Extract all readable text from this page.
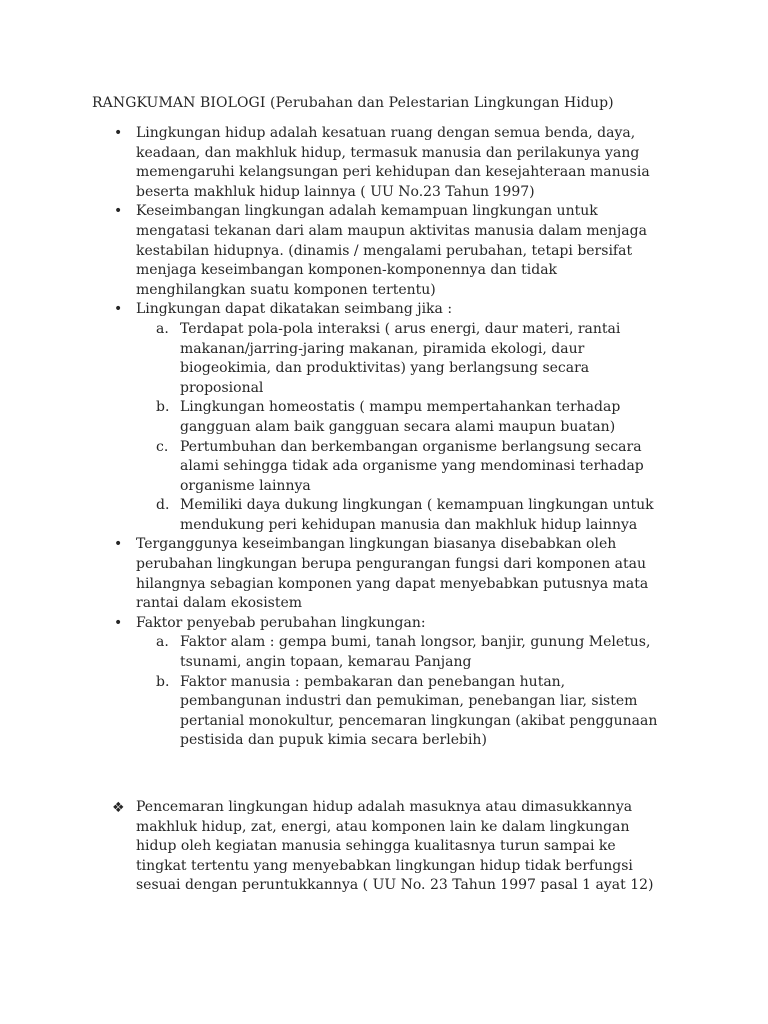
RANGKUMAN BIOLOGI (Perubahan dan Pelestarian Lingkungan Hidup)
• Lingkungan hidup adalah kesatuan ruang dengan semua benda, daya, keadaan, dan makhluk hidup, termasuk manusia dan perilakunya yang memengaruhi kelangsungan peri kehidupan dan kesejahteraan manusia beserta makhluk hidup lainnya ( UU No.23 Tahun 1997)
• Keseimbangan lingkungan adalah kemampuan lingkungan untuk mengatasi tekanan dari alam maupun aktivitas manusia dalam menjaga kestabilan hidupnya. (dinamis / mengalami perubahan, tetapi bersifat menjaga keseimbangan komponen-komponennya dan tidak menghilangkan suatu komponen tertentu)
• Lingkungan dapat dikatakan seimbang jika :
a. Terdapat pola-pola interaksi ( arus energi, daur materi, rantai makanan/jarring-jaring makanan, piramida ekologi, daur biogeokimia, dan produktivitas) yang berlangsung secara proposional
b. Lingkungan homeostatis ( mampu mempertahankan terhadap gangguan alam baik gangguan secara alami maupun buatan)
c. Pertumbuhan dan berkembangan organisme berlangsung secara alami sehingga tidak ada organisme yang mendominasi terhadap organisme lainnya
d. Memiliki daya dukung lingkungan ( kemampuan lingkungan untuk mendukung peri kehidupan manusia dan makhluk hidup lainnya
• Terganggunya keseimbangan lingkungan biasanya disebabkan oleh perubahan lingkungan berupa pengurangan fungsi dari komponen atau hilangnya sebagian komponen yang dapat menyebabkan putusnya mata rantai dalam ekosistem
• Faktor penyebab perubahan lingkungan:
a. Faktor alam : gempa bumi, tanah longsor, banjir, gunung Meletus, tsunami, angin topaan, kemarau Panjang
b. Faktor manusia : pembakaran dan penebangan hutan, pembangunan industri dan pemukiman, penebangan liar, sistem pertanial monokultur, pencemaran lingkungan (akibat penggunaan pestisida dan pupuk kimia secara berlebih)
❖ Pencemaran lingkungan hidup adalah masuknya atau dimasukkannya makhluk hidup, zat, energi, atau komponen lain ke dalam lingkungan hidup oleh kegiatan manusia sehingga kualitasnya turun sampai ke tingkat tertentu yang menyebabkan lingkungan hidup tidak berfungsi sesuai dengan peruntukkannya ( UU No. 23 Tahun 1997 pasal 1 ayat 12)
